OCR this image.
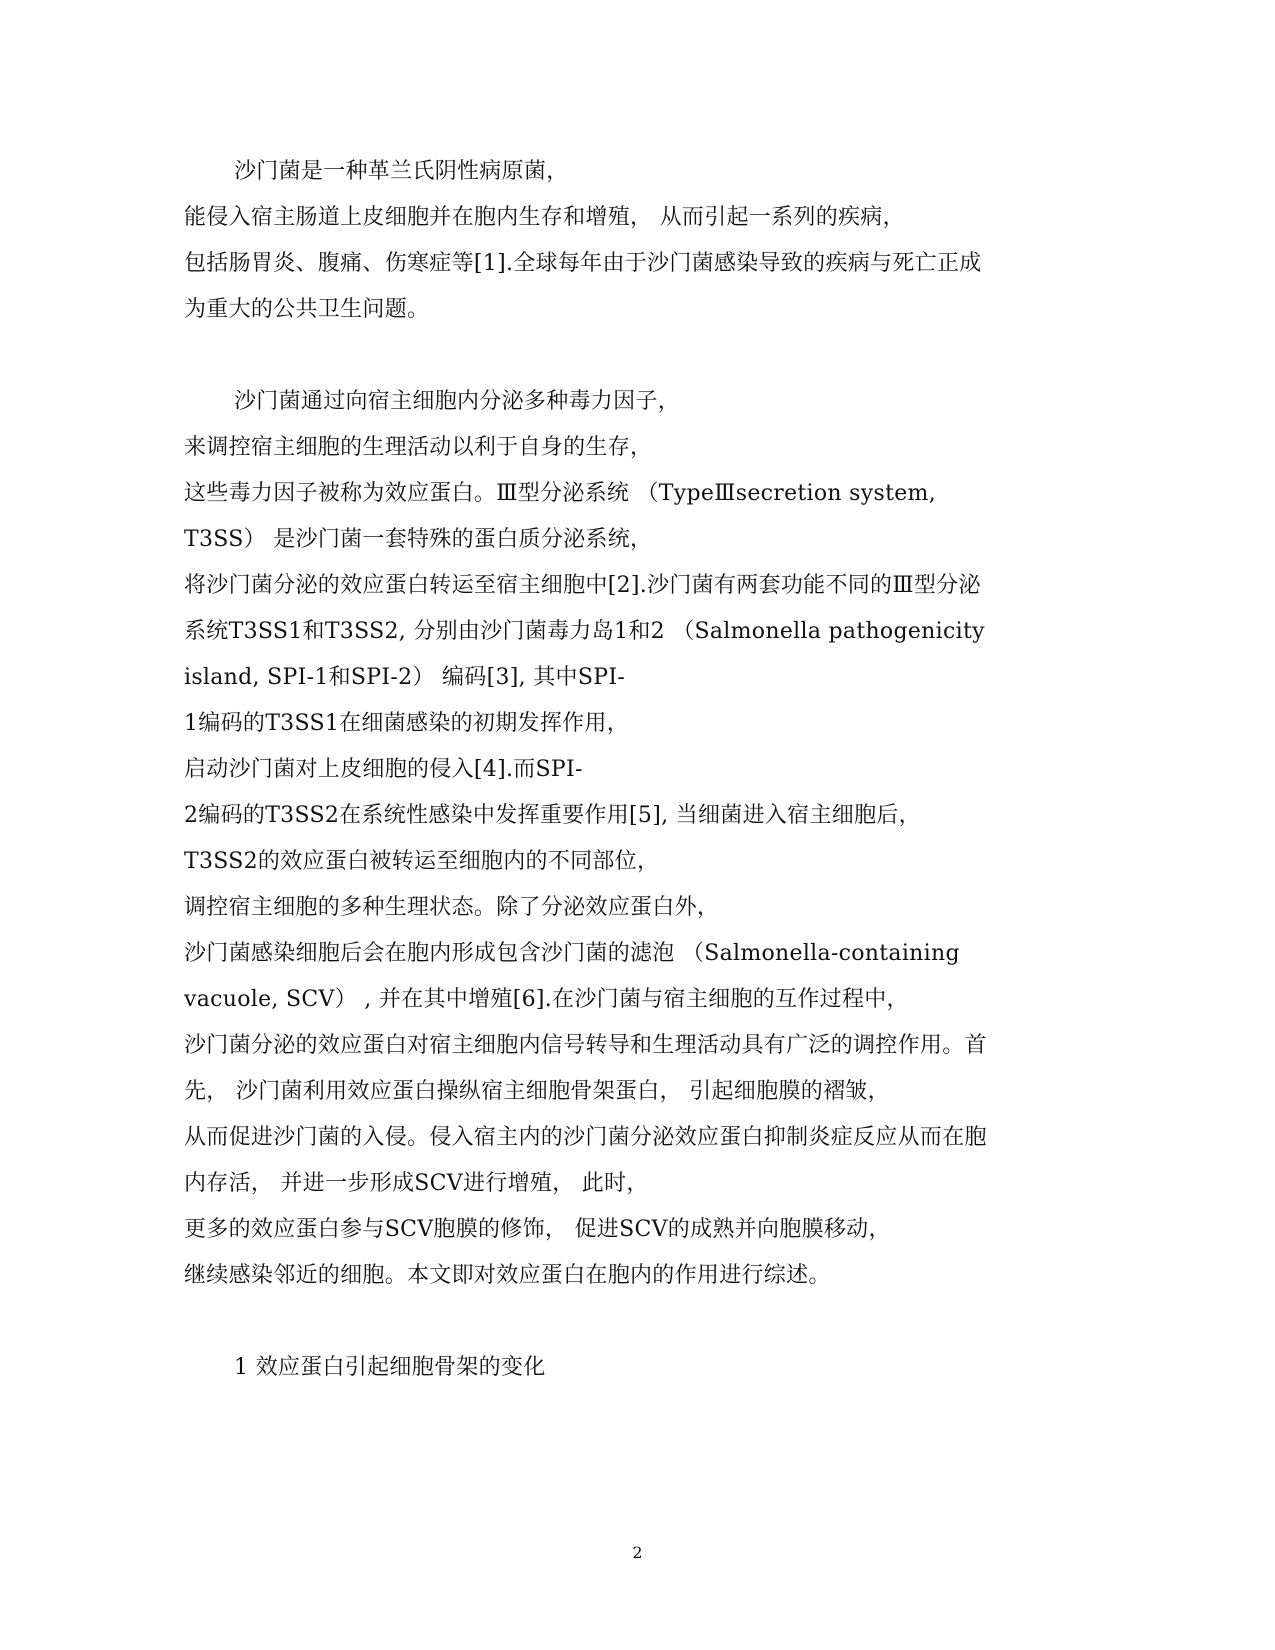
沙门菌是一种革兰氏阴性病原菌，
能侵入宿主肠道上皮细胞并在胞内生存和增殖， 从而引起一系列的疾病，
包括肠胃炎、腹痛、伤寒症等[1].全球每年由于沙门菌感染导致的疾病与死亡正成
为重大的公共卫生问题。
沙门菌通过向宿主细胞内分泌多种毒力因子，
来调控宿主细胞的生理活动以利于自身的生存，
这些毒力因子被称为效应蛋白。Ⅲ型分泌系统 （TypeⅢsecretion system,
T3SS） 是沙门菌一套特殊的蛋白质分泌系统，
将沙门菌分泌的效应蛋白转运至宿主细胞中[2].沙门菌有两套功能不同的Ⅲ型分泌
系统T3SS1和T3SS2, 分别由沙门菌毒力岛1和2 （Salmonella pathogenicity
island, SPI-1和SPI-2） 编码[3], 其中SPI-
1编码的T3SS1在细菌感染的初期发挥作用，
启动沙门菌对上皮细胞的侵入[4].而SPI-
2编码的T3SS2在系统性感染中发挥重要作用[5], 当细菌进入宿主细胞后，
T3SS2的效应蛋白被转运至细胞内的不同部位，
调控宿主细胞的多种生理状态。除了分泌效应蛋白外，
沙门菌感染细胞后会在胞内形成包含沙门菌的滤泡 （Salmonella-containing
vacuole, SCV） , 并在其中增殖[6].在沙门菌与宿主细胞的互作过程中，
沙门菌分泌的效应蛋白对宿主细胞内信号转导和生理活动具有广泛的调控作用。首
先， 沙门菌利用效应蛋白操纵宿主细胞骨架蛋白， 引起细胞膜的褶皱，
从而促进沙门菌的入侵。侵入宿主内的沙门菌分泌效应蛋白抑制炎症反应从而在胞
内存活， 并进一步形成SCV进行增殖， 此时，
更多的效应蛋白参与SCV胞膜的修饰， 促进SCV的成熟并向胞膜移动，
继续感染邻近的细胞。本文即对效应蛋白在胞内的作用进行综述。
1 效应蛋白引起细胞骨架的变化
2
